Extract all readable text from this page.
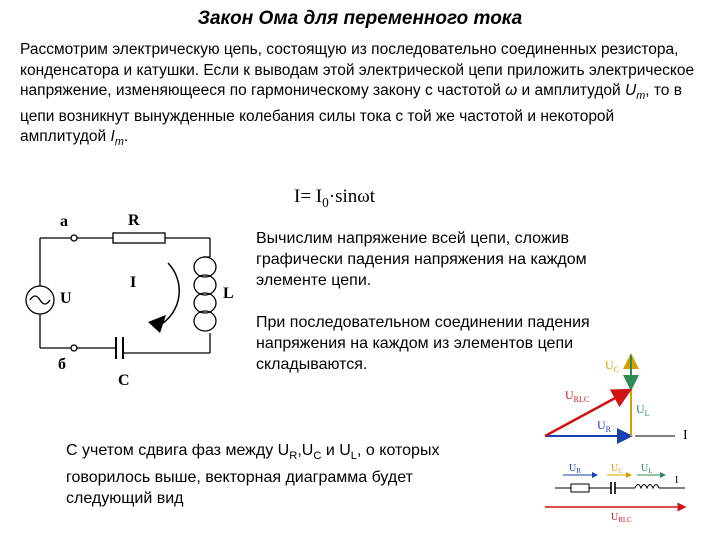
Закон Ома для переменного тока
Рассмотрим электрическую цепь, состоящую из последовательно соединенных резистора, конденсатора и катушки. Если к выводам этой электрической цепи приложить электрическое напряжение, изменяющееся по гармоническому закону с частотой ω и амплитудой $U_m$, то в цепи возникнут вынужденные колебания силы тока с той же частотой и некоторой амплитудой $I_m$.
$I= I_0\cdot\sin\omega t$
a	R
U
I
L
б
C
Вычислим напряжение всей цепи, сложив графически падения напряжения на каждом элементе цепи.
При последовательном соединении падения напряжения на каждом из элементов цепи складываются.
С учетом сдвига фаз между $U_R,U_C$ и $U_L$, о которых говорилось выше, векторная диаграмма будет следующий вид
$U_C$
$U_{RLC}$
$U_L$
$U_R$	I
$U_R$	$U_C$ $U_L$
I
$U_{RLC}$
